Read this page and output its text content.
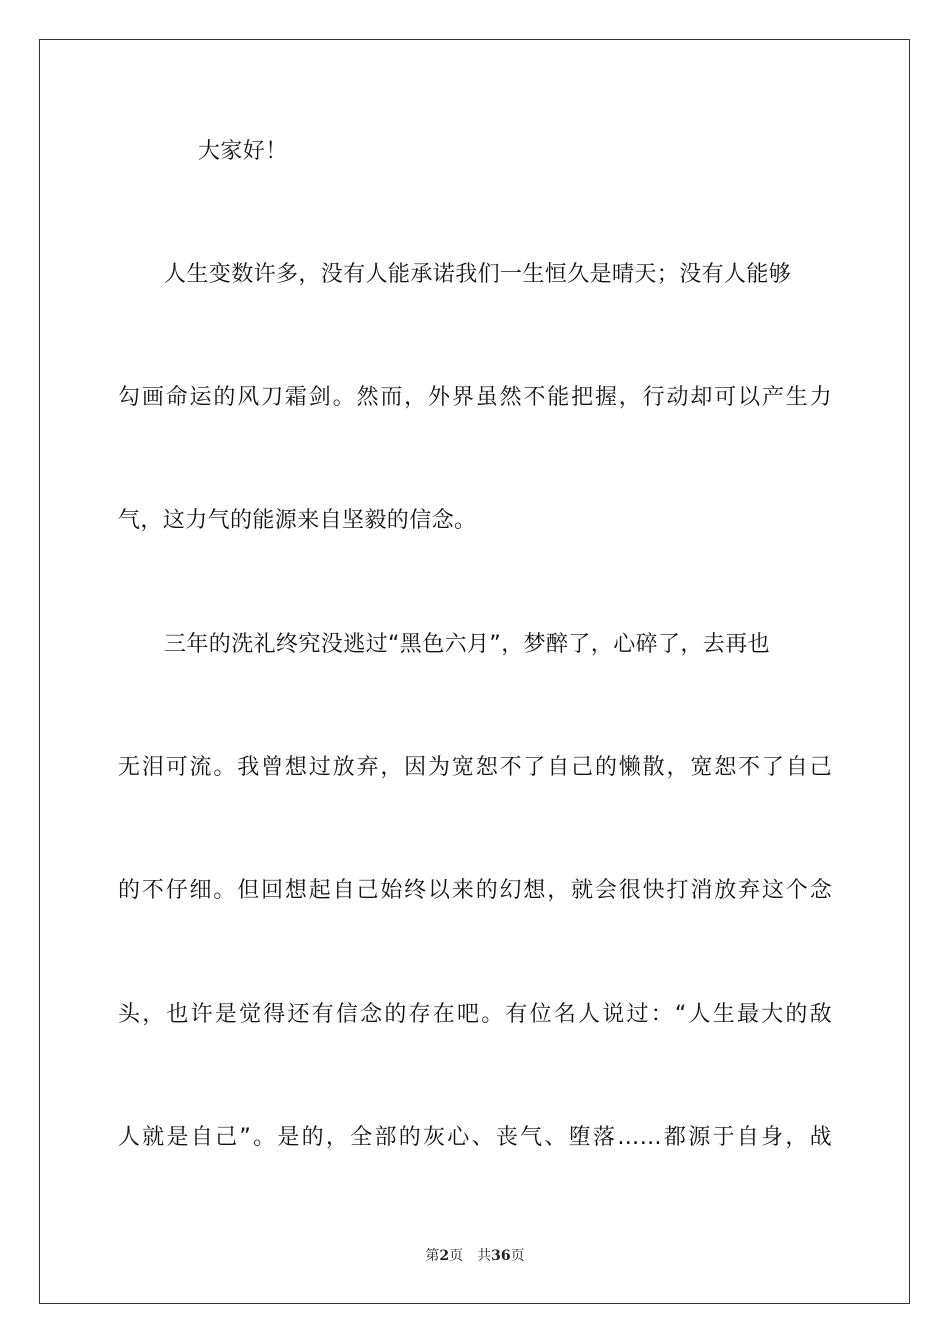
大家好！
人生变数许多，没有人能承诺我们一生恒久是晴天；没有人能够
勾画命运的风刀霜剑。然而，外界虽然不能把握，行动却可以产生力
气，这力气的能源来自坚毅的信念。
三年的洗礼终究没逃过“黑色六月”，梦醉了，心碎了，去再也
无泪可流。我曾想过放弃，因为宽恕不了自己的懒散，宽恕不了自己
的不仔细。但回想起自己始终以来的幻想，就会很快打消放弃这个念
头，也许是觉得还有信念的存在吧。有位名人说过：“人生最大的敌
人就是自己”。是的，全部的灰心、丧气、堕落……都源于自身，战
第2页 共36页
